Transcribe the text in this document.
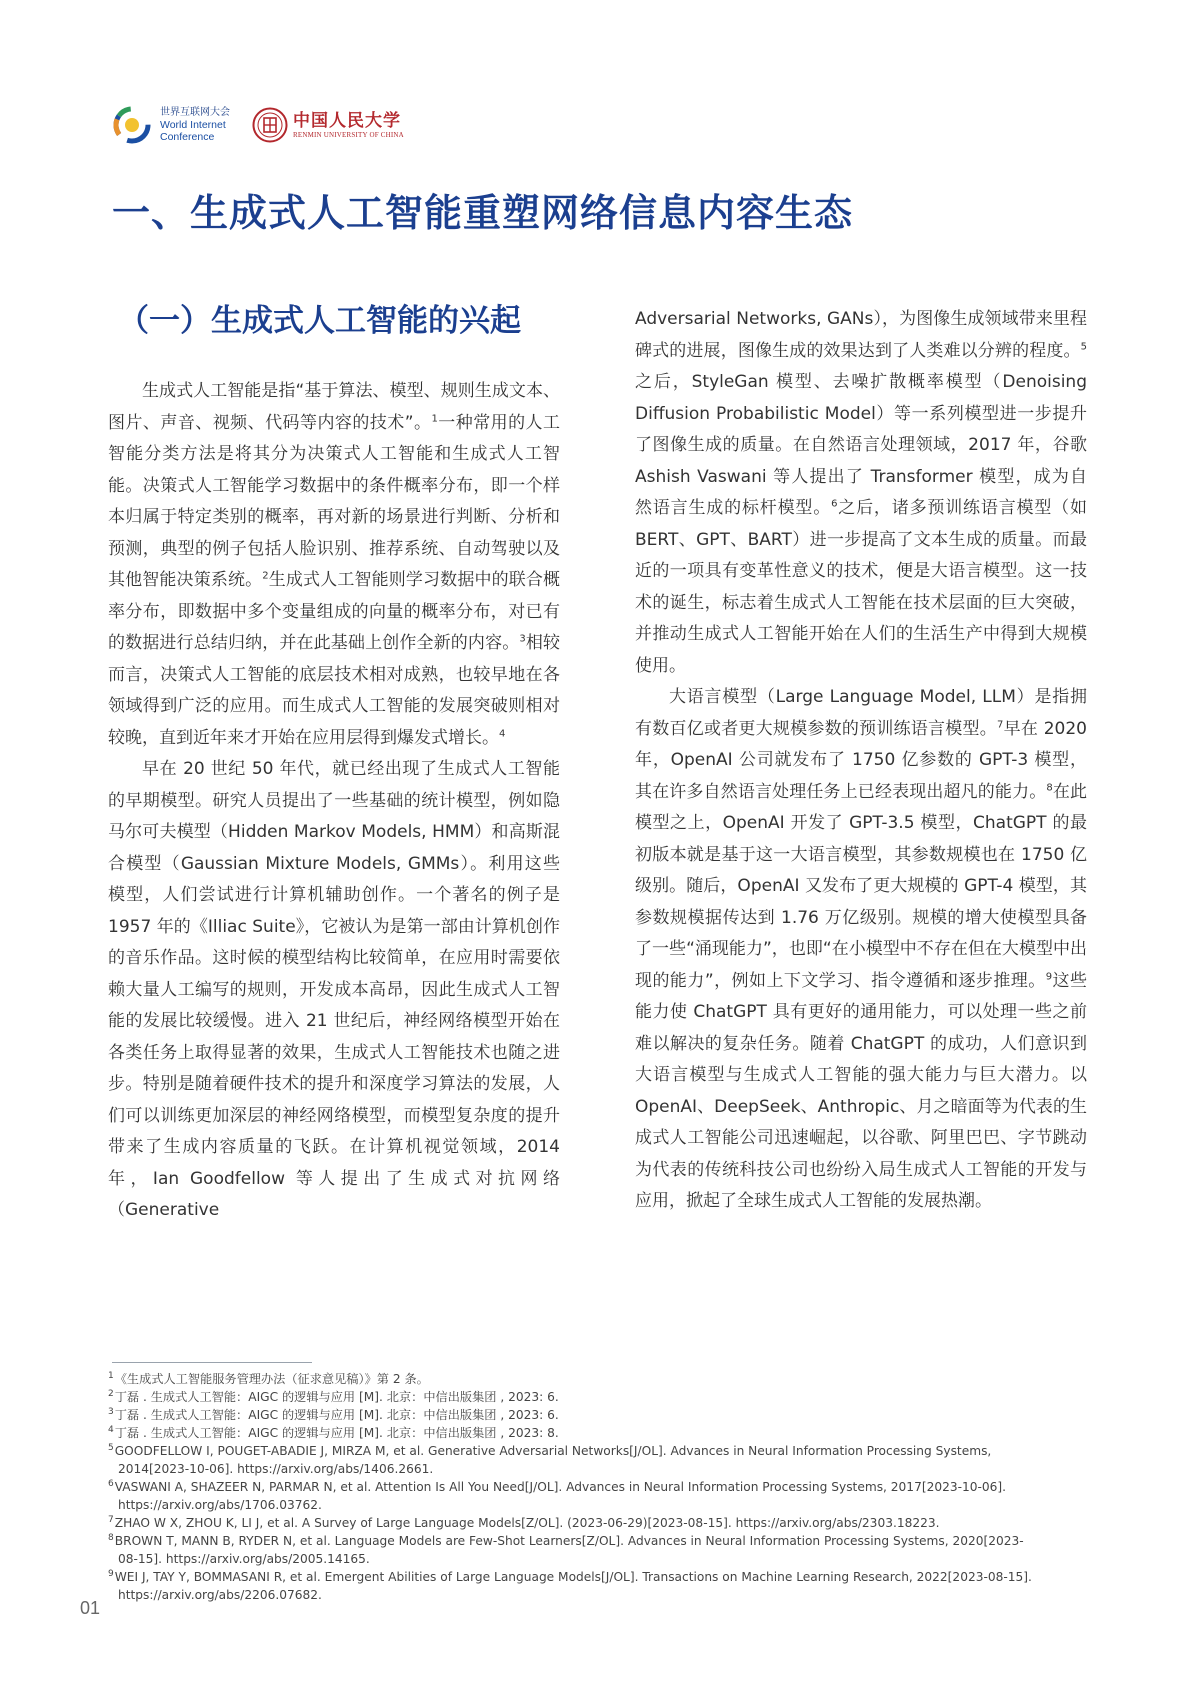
世界互联网大会
World Internet
Conference
中国人民大学
RENMIN UNIVERSITY OF CHINA
一、生成式人工智能重塑网络信息内容生态
（一）生成式人工智能的兴起

生成式人工智能是指“基于算法、模型、规则生成文本、图片、声音、视频、代码等内容的技术”。$^1$一种常用的人工智能分类方法是将其分为决策式人工智能和生成式人工智能。决策式人工智能学习数据中的条件概率分布，即一个样本归属于特定类别的概率，再对新的场景进行判断、分析和预测，典型的例子包括人脸识别、推荐系统、自动驾驶以及其他智能决策系统。$^2$生成式人工智能则学习数据中的联合概率分布，即数据中多个变量组成的向量的概率分布，对已有的数据进行总结归纳，并在此基础上创作全新的内容。$^3$相较而言，决策式人工智能的底层技术相对成熟，也较早地在各领域得到广泛的应用。而生成式人工智能的发展突破则相对较晚，直到近年来才开始在应用层得到爆发式增长。$^4$

早在 20 世纪 50 年代，就已经出现了生成式人工智能的早期模型。研究人员提出了一些基础的统计模型，例如隐马尔可夫模型（Hidden Markov Models, HMM）和高斯混合模型（Gaussian Mixture Models, GMMs）。利用这些模型，人们尝试进行计算机辅助创作。一个著名的例子是 1957 年的《Illiac Suite》，它被认为是第一部由计算机创作的音乐作品。这时候的模型结构比较简单，在应用时需要依赖大量人工编写的规则，开发成本高昂，因此生成式人工智能的发展比较缓慢。进入 21 世纪后，神经网络模型开始在各类任务上取得显著的效果，生成式人工智能技术也随之进步。特别是随着硬件技术的提升和深度学习算法的发展，人们可以训练更加深层的神经网络模型，而模型复杂度的提升带来了生成内容质量的飞跃。在计算机视觉领域，2014 年，Ian Goodfellow 等人提出了生成式对抗网络（Generative

Adversarial Networks, GANs），为图像生成领域带来里程碑式的进展，图像生成的效果达到了人类难以分辨的程度。$^5$之后，StyleGan 模型、去噪扩散概率模型（Denoising Diffusion Probabilistic Model）等一系列模型进一步提升了图像生成的质量。在自然语言处理领域，2017 年，谷歌 Ashish Vaswani 等人提出了 Transformer 模型，成为自然语言生成的标杆模型。$^6$之后，诸多预训练语言模型（如 BERT、GPT、BART）进一步提高了文本生成的质量。而最近的一项具有变革性意义的技术，便是大语言模型。这一技术的诞生，标志着生成式人工智能在技术层面的巨大突破，并推动生成式人工智能开始在人们的生活生产中得到大规模使用。

大语言模型（Large Language Model, LLM）是指拥有数百亿或者更大规模参数的预训练语言模型。$^7$早在 2020 年，OpenAI 公司就发布了 1750 亿参数的 GPT-3 模型，其在许多自然语言处理任务上已经表现出超凡的能力。$^8$在此模型之上，OpenAI 开发了 GPT-3.5 模型，ChatGPT 的最初版本就是基于这一大语言模型，其参数规模也在 1750 亿级别。随后，OpenAI 又发布了更大规模的 GPT-4 模型，其参数规模据传达到 1.76 万亿级别。规模的增大使模型具备了一些“涌现能力”，也即“在小模型中不存在但在大模型中出现的能力”，例如上下文学习、指令遵循和逐步推理。$^9$这些能力使 ChatGPT 具有更好的通用能力，可以处理一些之前难以解决的复杂任务。随着 ChatGPT 的成功，人们意识到大语言模型与生成式人工智能的强大能力与巨大潜力。以 OpenAI、DeepSeek、Anthropic、月之暗面等为代表的生成式人工智能公司迅速崛起，以谷歌、阿里巴巴、字节跳动为代表的传统科技公司也纷纷入局生成式人工智能的开发与应用，掀起了全球生成式人工智能的发展热潮。

$^1$《生成式人工智能服务管理办法（征求意见稿）》第 2 条。

$^2$丁磊 . 生成式人工智能：AIGC 的逻辑与应用 [M]. 北京：中信出版集团 , 2023: 6.

$^3$丁磊 . 生成式人工智能：AIGC 的逻辑与应用 [M]. 北京：中信出版集团 , 2023: 6.

$^4$丁磊 . 生成式人工智能：AIGC 的逻辑与应用 [M]. 北京：中信出版集团 , 2023: 8.

$^5$GOODFELLOW I, POUGET-ABADIE J, MIRZA M, et al. Generative Adversarial Networks[J/OL]. Advances in Neural Information Processing Systems,

2014[2023-10-06]. https://arxiv.org/abs/1406.2661.

$^6$VASWANI A, SHAZEER N, PARMAR N, et al. Attention Is All You Need[J/OL]. Advances in Neural Information Processing Systems, 2017[2023-10-06].

https://arxiv.org/abs/1706.03762.

$^7$ZHAO W X, ZHOU K, LI J, et al. A Survey of Large Language Models[Z/OL]. (2023-06-29)[2023-08-15]. https://arxiv.org/abs/2303.18223.

$^8$BROWN T, MANN B, RYDER N, et al. Language Models are Few-Shot Learners[Z/OL]. Advances in Neural Information Processing Systems, 2020[2023-

08-15]. https://arxiv.org/abs/2005.14165.

$^9$WEI J, TAY Y, BOMMASANI R, et al. Emergent Abilities of Large Language Models[J/OL]. Transactions on Machine Learning Research, 2022[2023-08-15].

https://arxiv.org/abs/2206.07682.

01
